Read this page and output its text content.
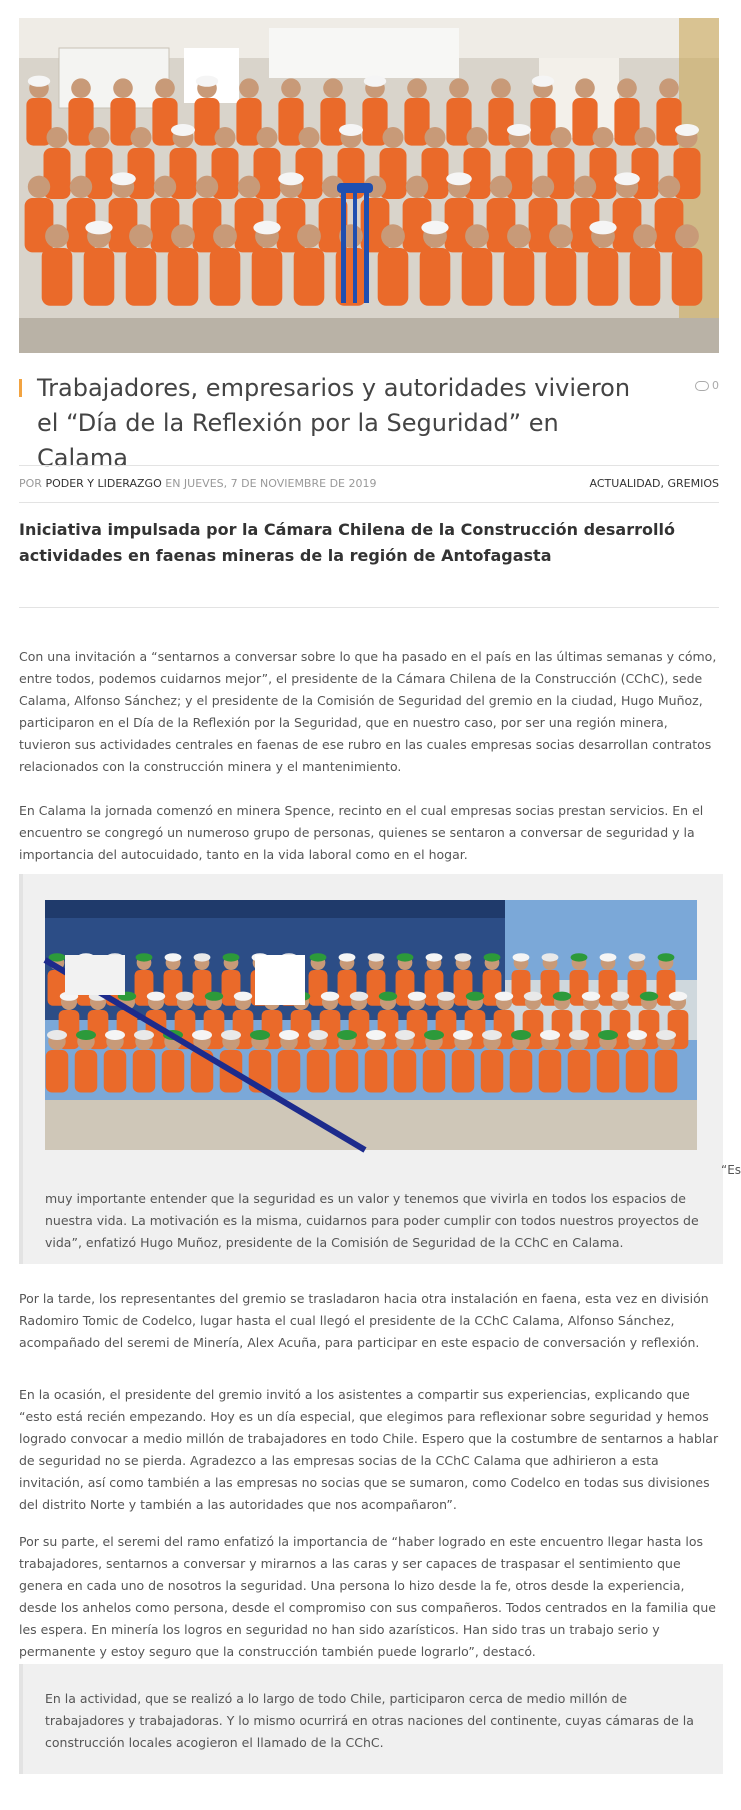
Trabajadores, empresarios y autoridades vivieron el “Día de la Reflexión por la Seguridad” en Calama
0
POR PODER Y LIDERAZGO EN JUEVES, 7 DE NOVIEMBRE DE 2019	ACTUALIDAD, GREMIOS
Iniciativa impulsada por la Cámara Chilena de la Construcción desarrolló actividades en faenas mineras de la región de Antofagasta

Con una invitación a “sentarnos a conversar sobre lo que ha pasado en el país en las últimas semanas y cómo, entre todos, podemos cuidarnos mejor”, el presidente de la Cámara Chilena de la Construcción (CChC), sede Calama, Alfonso Sánchez; y el presidente de la Comisión de Seguridad del gremio en la ciudad, Hugo Muñoz, participaron en el Día de la Reflexión por la Seguridad, que en nuestro caso, por ser una región minera, tuvieron sus actividades centrales en faenas de ese rubro en las cuales empresas socias desarrollan contratos relacionados con la construcción minera y el mantenimiento.

En Calama la jornada comenzó en minera Spence, recinto en el cual empresas socias prestan servicios. En el encuentro se congregó un numeroso grupo de personas, quienes se sentaron a conversar de seguridad y la importancia del autocuidado, tanto en la vida laboral como en el hogar.

“Es

muy importante entender que la seguridad es un valor y tenemos que vivirla en todos los espacios de nuestra vida. La motivación es la misma, cuidarnos para poder cumplir con todos nuestros proyectos de vida”, enfatizó Hugo Muñoz, presidente de la Comisión de Seguridad de la CChC en Calama.

Por la tarde, los representantes del gremio se trasladaron hacia otra instalación en faena, esta vez en división Radomiro Tomic de Codelco, lugar hasta el cual llegó el presidente de la CChC Calama, Alfonso Sánchez, acompañado del seremi de Minería, Alex Acuña, para participar en este espacio de conversación y reflexión.

En la ocasión, el presidente del gremio invitó a los asistentes a compartir sus experiencias, explicando que “esto está recién empezando. Hoy es un día especial, que elegimos para reflexionar sobre seguridad y hemos logrado convocar a medio millón de trabajadores en todo Chile. Espero que la costumbre de sentarnos a hablar de seguridad no se pierda. Agradezco a las empresas socias de la CChC Calama que adhirieron a esta invitación, así como también a las empresas no socias que se sumaron, como Codelco en todas sus divisiones del distrito Norte y también a las autoridades que nos acompañaron”.

Por su parte, el seremi del ramo enfatizó la importancia de “haber logrado en este encuentro llegar hasta los trabajadores, sentarnos a conversar y mirarnos a las caras y ser capaces de traspasar el sentimiento que genera en cada uno de nosotros la seguridad. Una persona lo hizo desde la fe, otros desde la experiencia, desde los anhelos como persona, desde el compromiso con sus compañeros. Todos centrados en la familia que les espera. En minería los logros en seguridad no han sido azarísticos. Han sido tras un trabajo serio y permanente y estoy seguro que la construcción también puede lograrlo”, destacó.

En la actividad, que se realizó a lo largo de todo Chile, participaron cerca de medio millón de trabajadores y trabajadoras. Y lo mismo ocurrirá en otras naciones del continente, cuyas cámaras de la construcción locales acogieron el llamado de la CChC.
